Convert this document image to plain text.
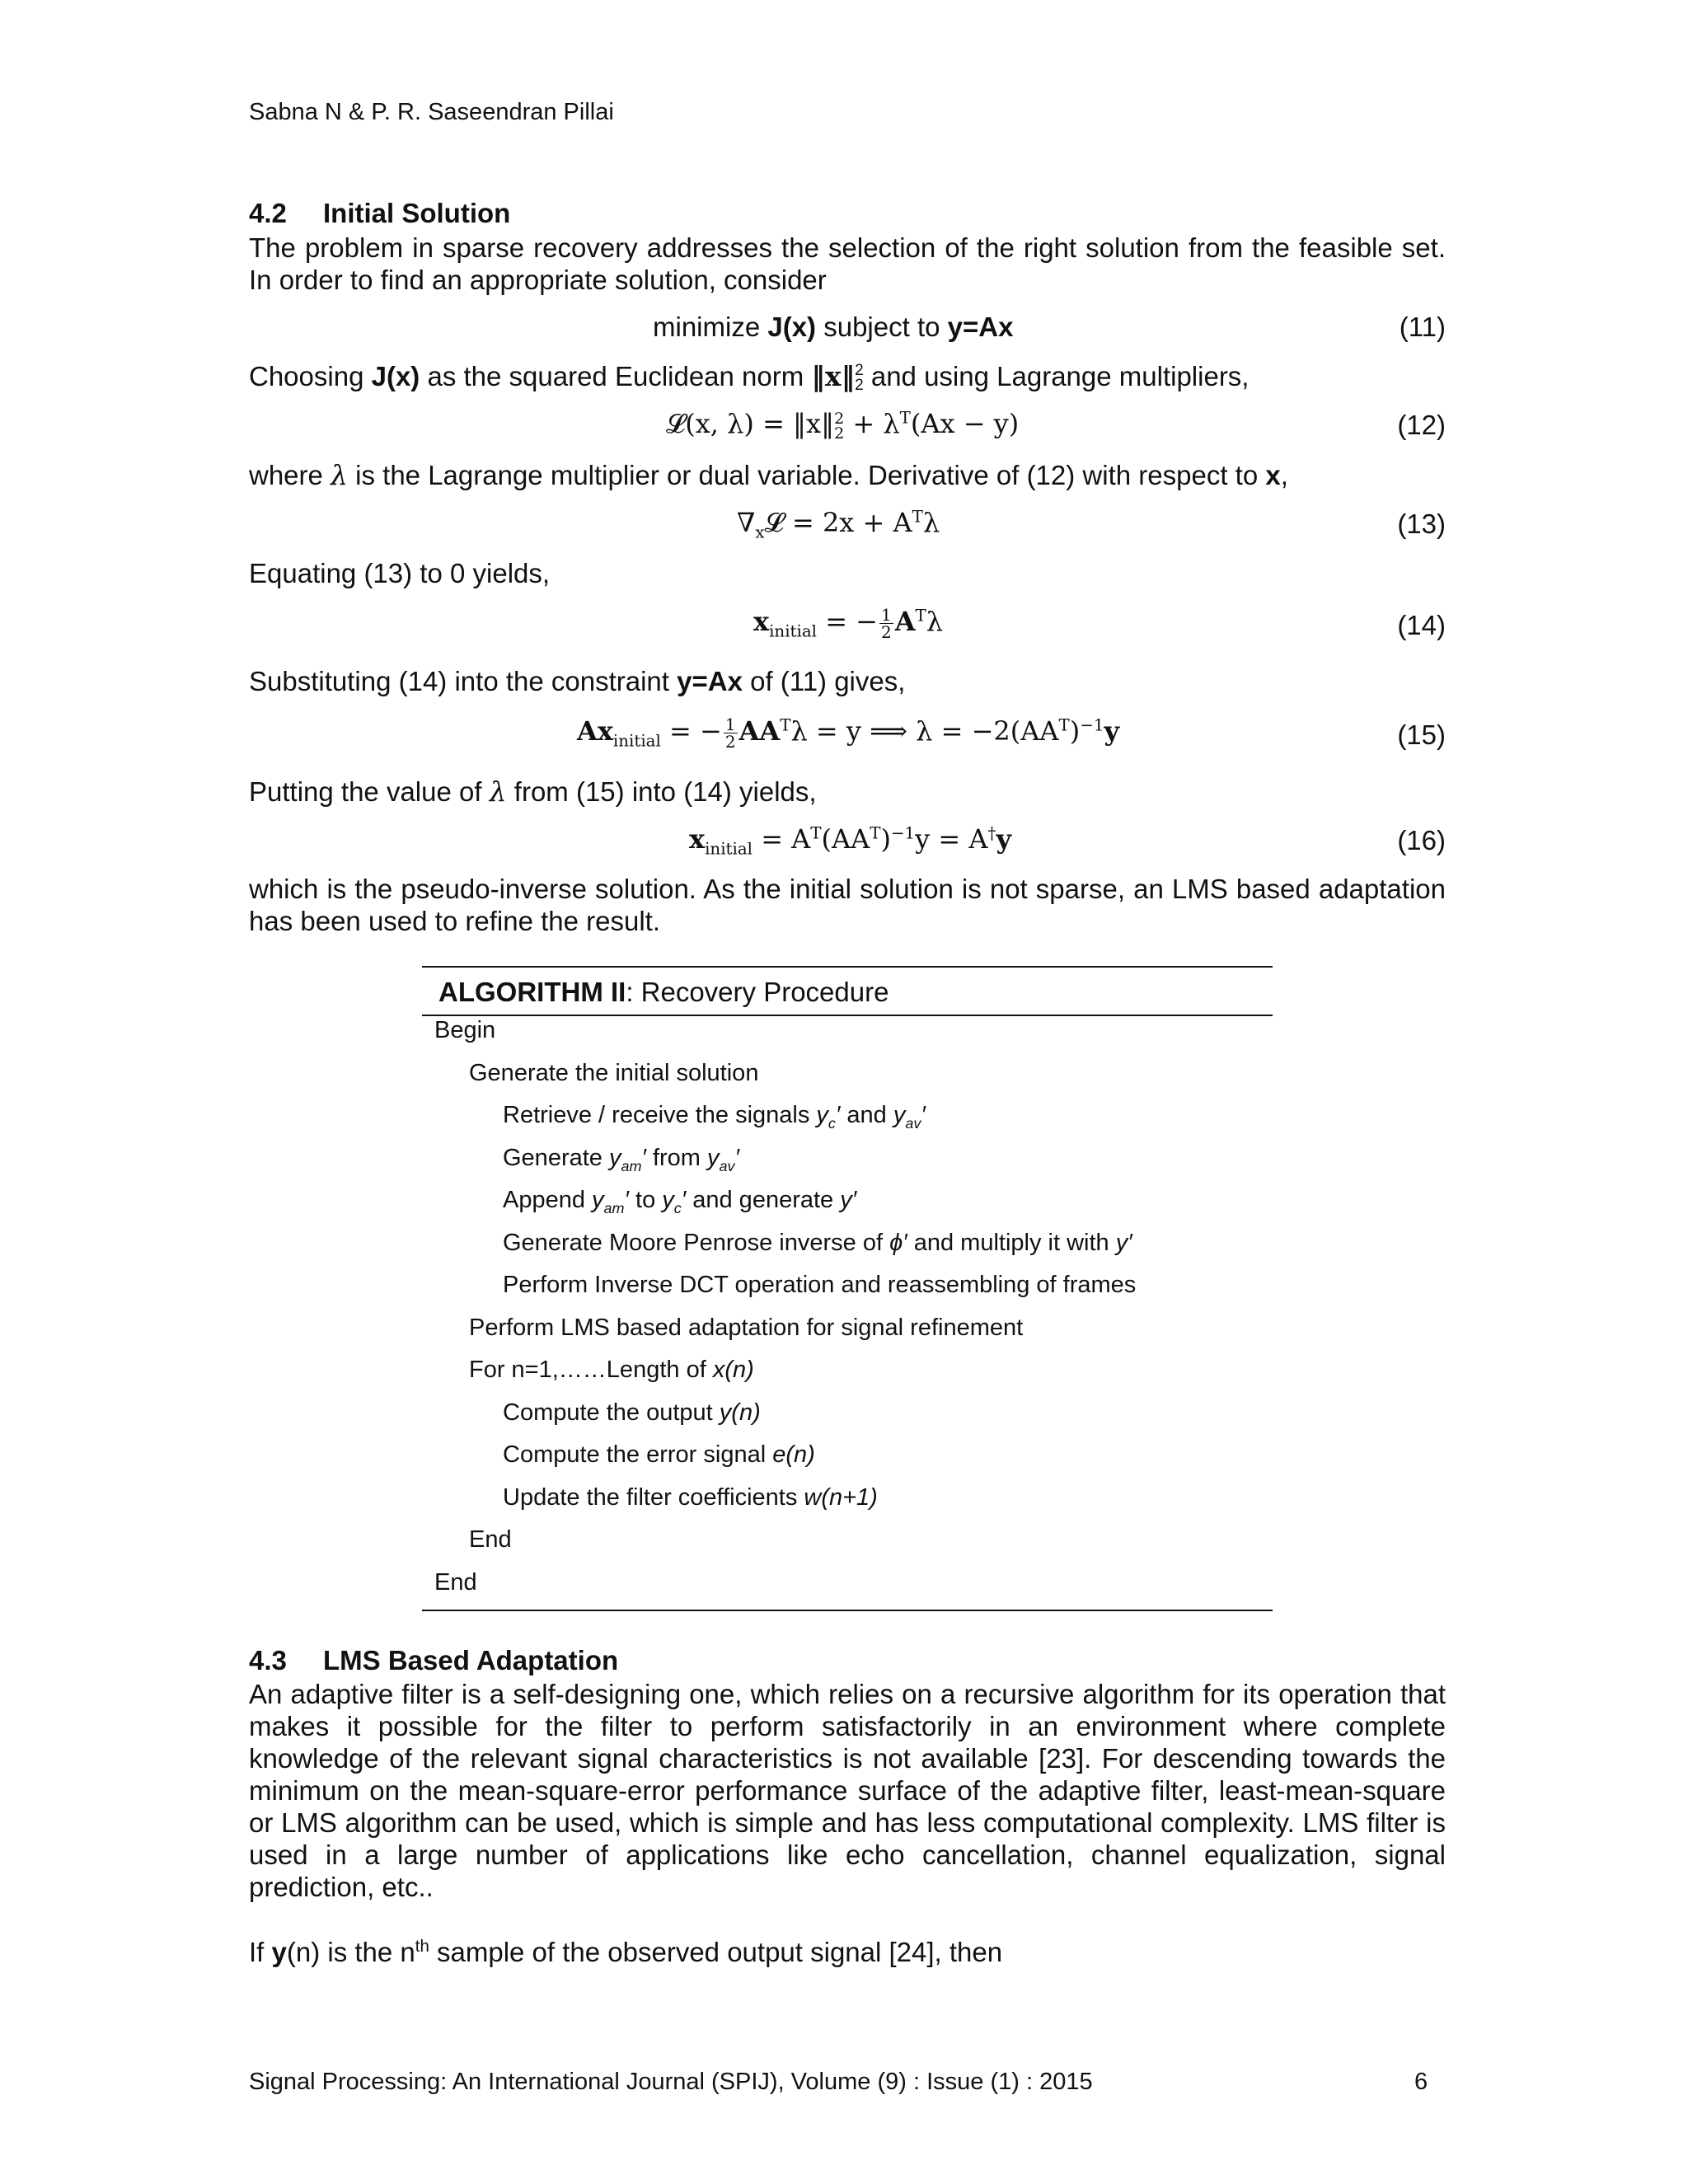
Sabna N & P. R. Saseendran Pillai
4.2 Initial Solution
The problem in sparse recovery addresses the selection of the right solution from the feasible set. In order to find an appropriate solution, consider
minimize J(x) subject to y=Ax	(11)
Choosing J(x) as the squared Euclidean norm ‖x‖ 2
2 and using Lagrange multipliers,
𝓛(x, λ) = ‖x‖ 2
$2 + \lambda^T(Ax - y)$	(12)
where λ is the Lagrange multiplier or dual variable. Derivative of (12) with respect to x,
$\nabla_x𝓛 = 2x + A^T\lambda$	(13)
Equating (13) to 0 yields,
$x_{initial}$ = − $\frac{1}{2} A^T\lambda$	(14)
Substituting (14) into the constraint y=Ax of (11) gives,
$Ax_{initial}$ = − $\frac{1}{2} AA^T\lambda = y$ ⟹ $\lambda = -2(AA^T)^{-1}y$	(15)
Putting the value of λ from (15) into (14) yields,
$x_{initial} = A^T(AA^T)^{-1}y = A^\dagger y$	(16)
which is the pseudo-inverse solution. As the initial solution is not sparse, an LMS based adaptation has been used to refine the result.
ALGORITHM II: Recovery Procedure
Begin
Generate the initial solution
Retrieve / receive the signals $y_c'$ and $y_{av}'$
Generate $y_{am}'$ from $y_{av}'$
Append $y_{am}'$ to $y_c'$ and generate y′
Generate Moore Penrose inverse of ϕ′ and multiply it with y′
Perform Inverse DCT operation and reassembling of frames
Perform LMS based adaptation for signal refinement
For n=1,……Length of x(n)
Compute the output y(n)
Compute the error signal e(n)
Update the filter coefficients w(n+1)
End
End
4.3 LMS Based Adaptation
An adaptive filter is a self-designing one, which relies on a recursive algorithm for its operation that makes it possible for the filter to perform satisfactorily in an environment where complete knowledge of the relevant signal characteristics is not available [23]. For descending towards the minimum on the mean-square-error performance surface of the adaptive filter, least-mean-square or LMS algorithm can be used, which is simple and has less computational complexity. LMS filter is used in a large number of applications like echo cancellation, channel equalization, signal prediction, etc..
If y(n) is the $n^{th}$ sample of the observed output signal [24], then
Signal Processing: An International Journal (SPIJ), Volume (9) : Issue (1) : 2015	6
